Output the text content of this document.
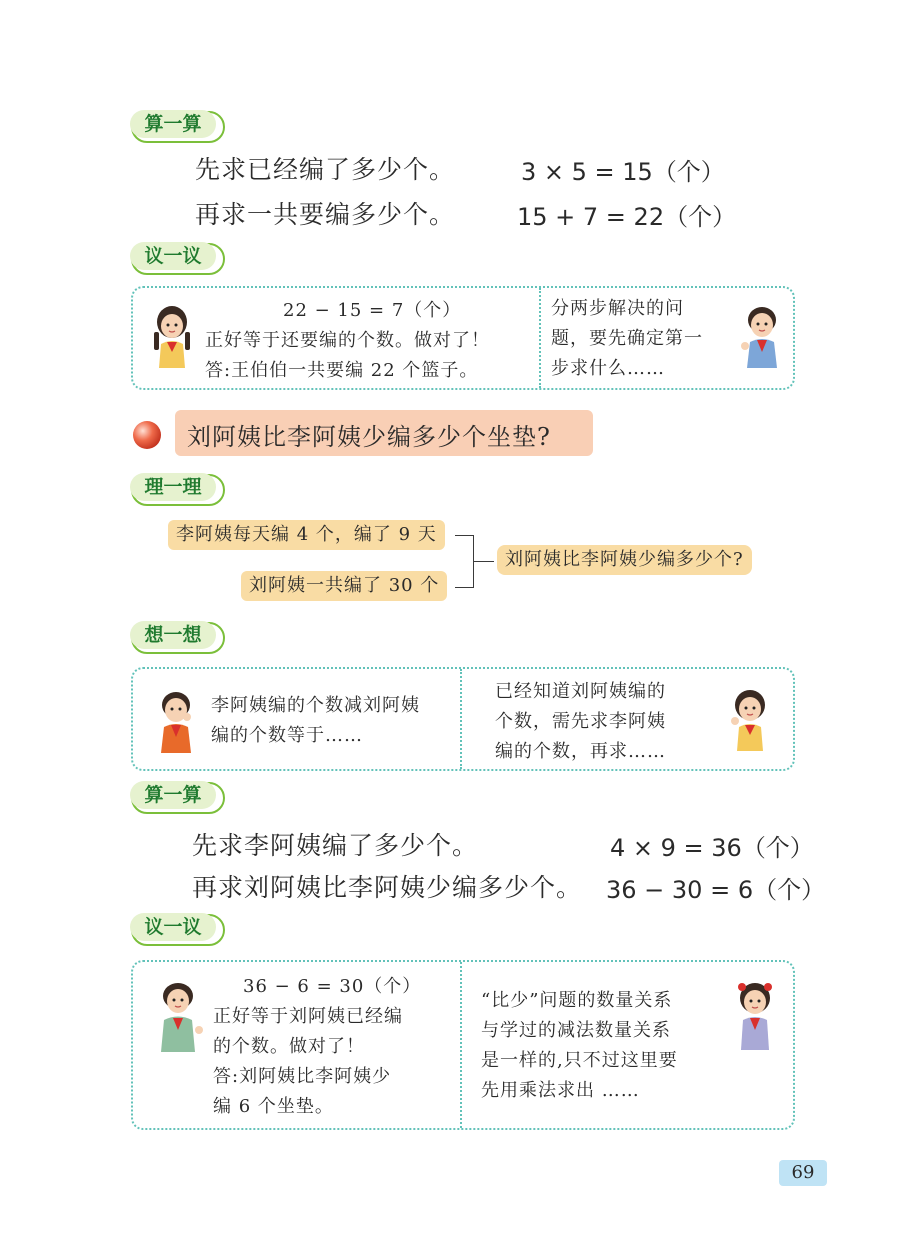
算一算
先求已经编了多少个。	3 × 5 = 15（个）
再求一共要编多少个。	15 + 7 = 22（个）
议一议
22 − 15 = 7（个）
正好等于还要编的个数。做对了！
答:王伯伯一共要编 22 个篮子。
分两步解决的问
题，要先确定第一
步求什么……
刘阿姨比李阿姨少编多少个坐垫?
理一理
李阿姨每天编 4 个，编了 9 天
刘阿姨一共编了 30 个
刘阿姨比李阿姨少编多少个?
想一想
李阿姨编的个数减刘阿姨
编的个数等于……
已经知道刘阿姨编的
个数，需先求李阿姨
编的个数，再求……
算一算
先求李阿姨编了多少个。	4 × 9 = 36（个）
再求刘阿姨比李阿姨少编多少个。 36 − 30 = 6（个）
议一议
36 − 6 = 30（个）
正好等于刘阿姨已经编
的个数。做对了！
答:刘阿姨比李阿姨少
编 6 个坐垫。
“比少”问题的数量关系
与学过的减法数量关系
是一样的,只不过这里要
先用乘法求出 ……
69
